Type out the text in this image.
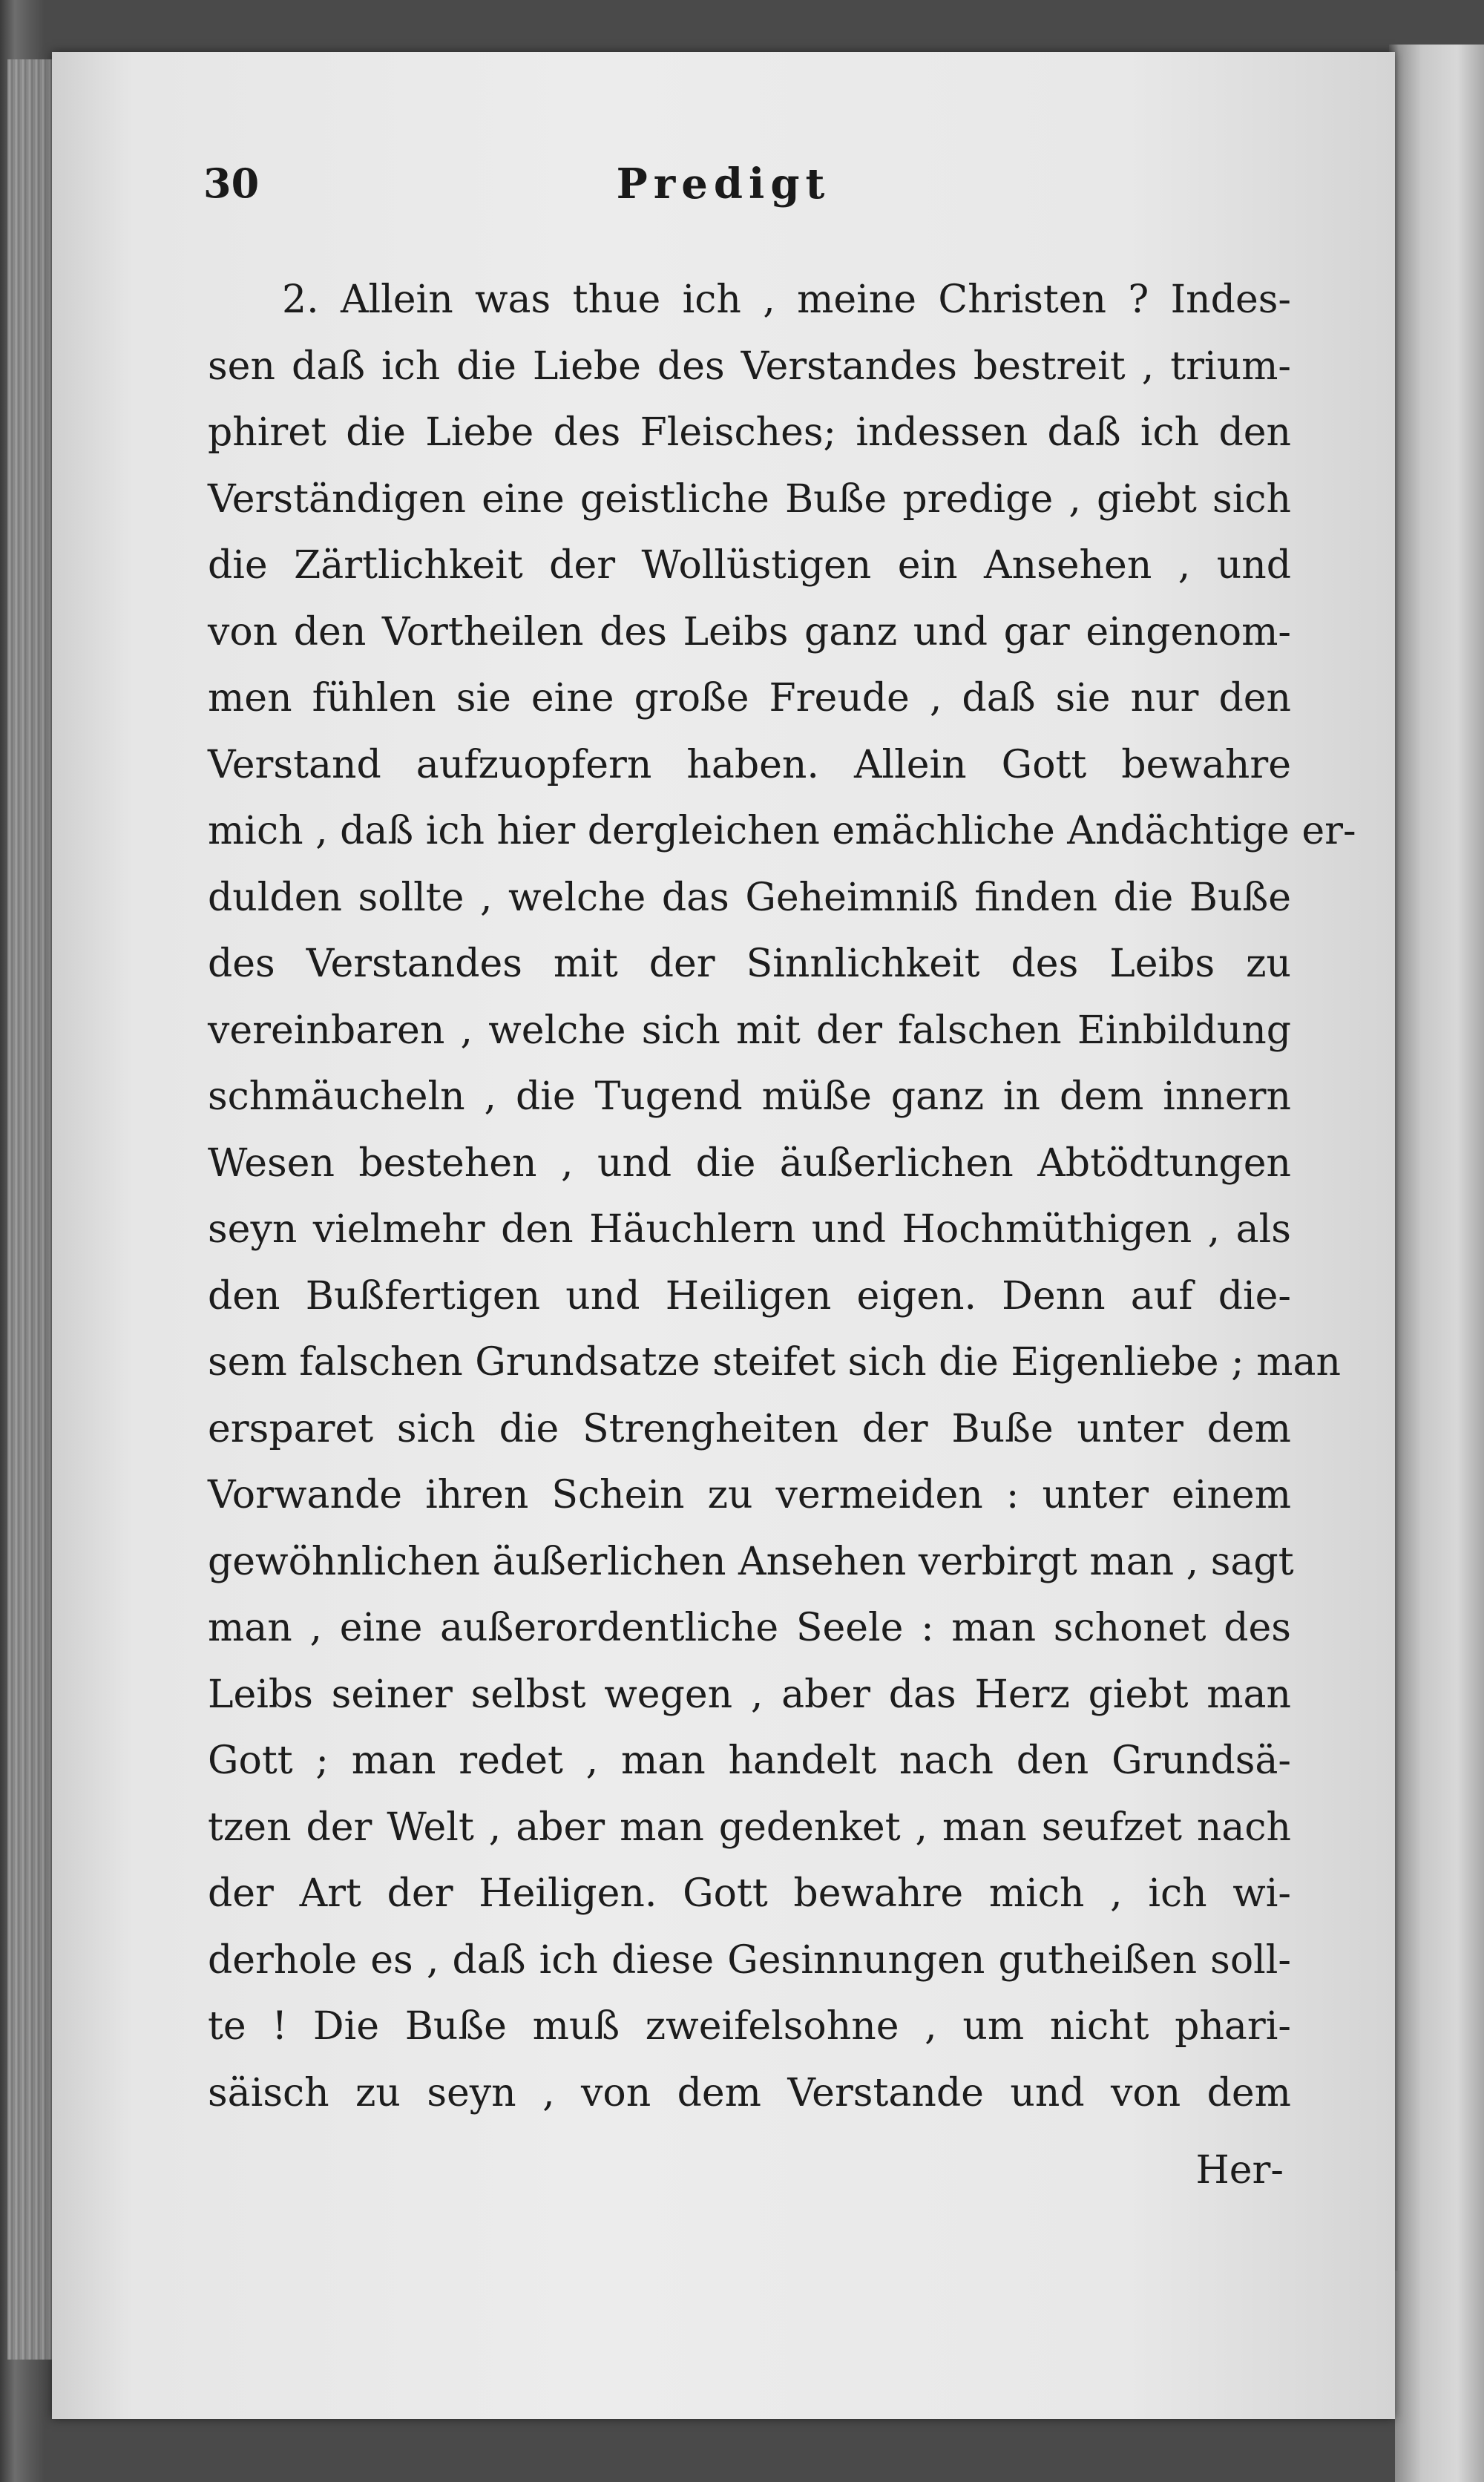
30	Predigt
2. Allein was thue ich , meine Christen ? Indes-
sen daß ich die Liebe des Verstandes bestreit , trium-
phiret die Liebe des Fleisches; indessen daß ich den
Verständigen eine geistliche Buße predige , giebt sich
die Zärtlichkeit der Wollüstigen ein Ansehen , und
von den Vortheilen des Leibs ganz und gar eingenom-
men fühlen sie eine große Freude , daß sie nur den
Verstand aufzuopfern haben. Allein Gott bewahre
mich , daß ich hier dergleichen emächliche Andächtige er-
dulden sollte , welche das Geheimniß finden die Buße
des Verstandes mit der Sinnlichkeit des Leibs zu
vereinbaren , welche sich mit der falschen Einbildung
schmäucheln , die Tugend müße ganz in dem innern
Wesen bestehen , und die äußerlichen Abtödtungen
seyn vielmehr den Häuchlern und Hochmüthigen , als
den Bußfertigen und Heiligen eigen. Denn auf die-
sem falschen Grundsatze steifet sich die Eigenliebe ; man
ersparet sich die Strengheiten der Buße unter dem
Vorwande ihren Schein zu vermeiden : unter einem
gewöhnlichen äußerlichen Ansehen verbirgt man , sagt
man , eine außerordentliche Seele : man schonet des
Leibs seiner selbst wegen , aber das Herz giebt man
Gott ; man redet , man handelt nach den Grundsä-
tzen der Welt , aber man gedenket , man seufzet nach
der Art der Heiligen. Gott bewahre mich , ich wi-
derhole es , daß ich diese Gesinnungen gutheißen soll-
te ! Die Buße muß zweifelsohne , um nicht phari-
säisch zu seyn , von dem Verstande und von dem
Her-
